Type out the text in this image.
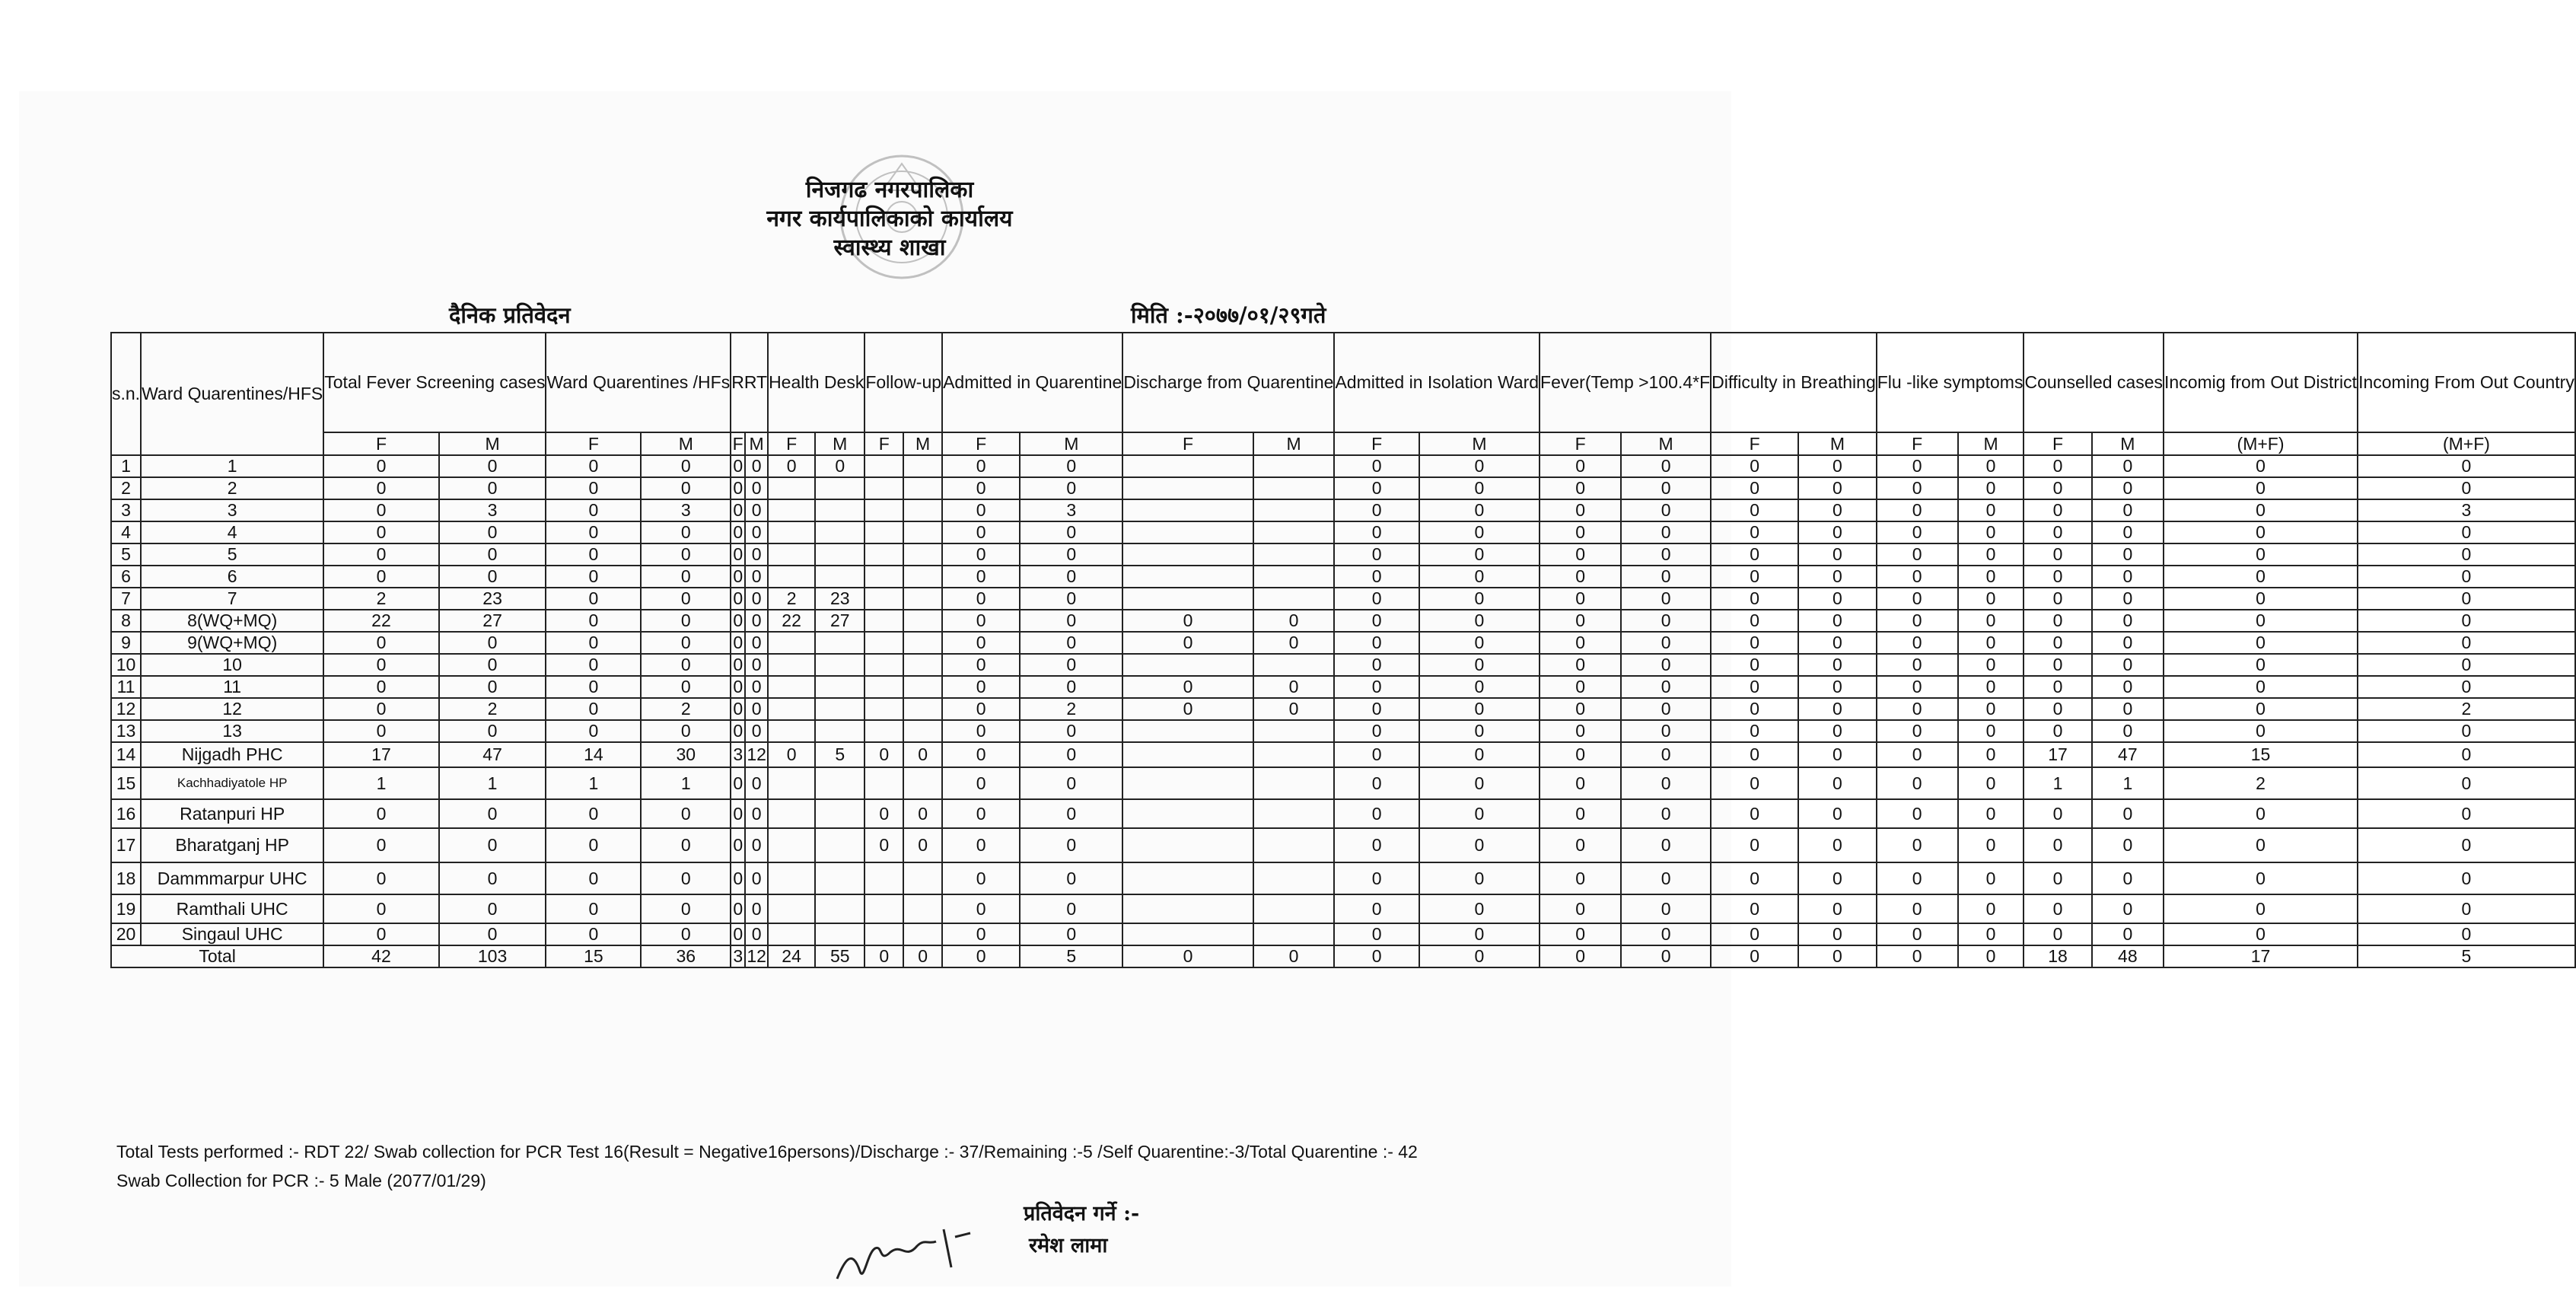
निजगढ नगरपालिका
नगर कार्यपालिकाको कार्यालय
स्वास्थ्य शाखा
दैनिक प्रतिवेदन	मिति :-२०७७/०१/२९गते
s.n.	Ward Quarentines/HFS	Total Fever Screening cases		Ward Quarentines /HFs		RRT		Health Desk		Follow-up		Admitted in Quarentine		Discharge from Quarentine		Admitted in Isolation Ward		Fever(Temp >100.4*F		Difficulty in Breathing		Flu -like symptoms		Counselled cases		Incomig from Out District	Incoming From Out Country
		F	M	F	M	F	M	F	M	F	M	F	M	F	M	F	M	F	M	F	M	F	M	F	M	(M+F)	(M+F)
1	1	0	0	0	0	0	0	0	0			0	0			0	0	0	0	0	0	0	0	0	0	0	0
2	2	0	0	0	0	0	0					0	0			0	0	0	0	0	0	0	0	0	0	0	0
3	3	0	3	0	3	0	0					0	3			0	0	0	0	0	0	0	0	0	0	0	3
4	4	0	0	0	0	0	0					0	0			0	0	0	0	0	0	0	0	0	0	0	0
5	5	0	0	0	0	0	0					0	0			0	0	0	0	0	0	0	0	0	0	0	0
6	6	0	0	0	0	0	0					0	0			0	0	0	0	0	0	0	0	0	0	0	0
7	7	2	23	0	0	0	0	2	23			0	0			0	0	0	0	0	0	0	0	0	0	0	0
8	8(WQ+MQ)	22	27	0	0	0	0	22	27			0	0	0	0	0	0	0	0	0	0	0	0	0	0	0	0
9	9(WQ+MQ)	0	0	0	0	0	0					0	0	0	0	0	0	0	0	0	0	0	0	0	0	0	0
10	10	0	0	0	0	0	0					0	0			0	0	0	0	0	0	0	0	0	0	0	0
11	11	0	0	0	0	0	0					0	0	0	0	0	0	0	0	0	0	0	0	0	0	0	0
12	12	0	2	0	2	0	0					0	2	0	0	0	0	0	0	0	0	0	0	0	0	0	2
13	13	0	0	0	0	0	0					0	0			0	0	0	0	0	0	0	0	0	0	0	0
14	Nijgadh PHC	17	47	14	30	3	12	0	5	0	0	0	0			0	0	0	0	0	0	0	0	17	47	15	0
15	Kachhadiyatole HP	1	1	1	1	0	0					0	0			0	0	0	0	0	0	0	0	1	1	2	0
16	Ratanpuri HP	0	0	0	0	0	0			0	0	0	0			0	0	0	0	0	0	0	0	0	0	0	0
17	Bharatganj HP	0	0	0	0	0	0			0	0	0	0			0	0	0	0	0	0	0	0	0	0	0	0
18	Dammmarpur UHC	0	0	0	0	0	0					0	0			0	0	0	0	0	0	0	0	0	0	0	0
19	Ramthali UHC	0	0	0	0	0	0					0	0			0	0	0	0	0	0	0	0	0	0	0	0
20	Singaul UHC	0	0	0	0	0	0					0	0			0	0	0	0	0	0	0	0	0	0	0	0
Total		42	103	15	36	3	12	24	55	0	0	0	5	0	0	0	0	0	0	0	0	0	0	18	48	17	5
Total Tests performed :- RDT 22/ Swab collection for PCR Test 16(Result = Negative16persons)/Discharge :- 37/Remaining :-5 /Self Quarentine:-3/Total Quarentine :- 42
Swab Collection for PCR :- 5 Male (2077/01/29)
प्रतिवेदन गर्ने :-
रमेश लामा
